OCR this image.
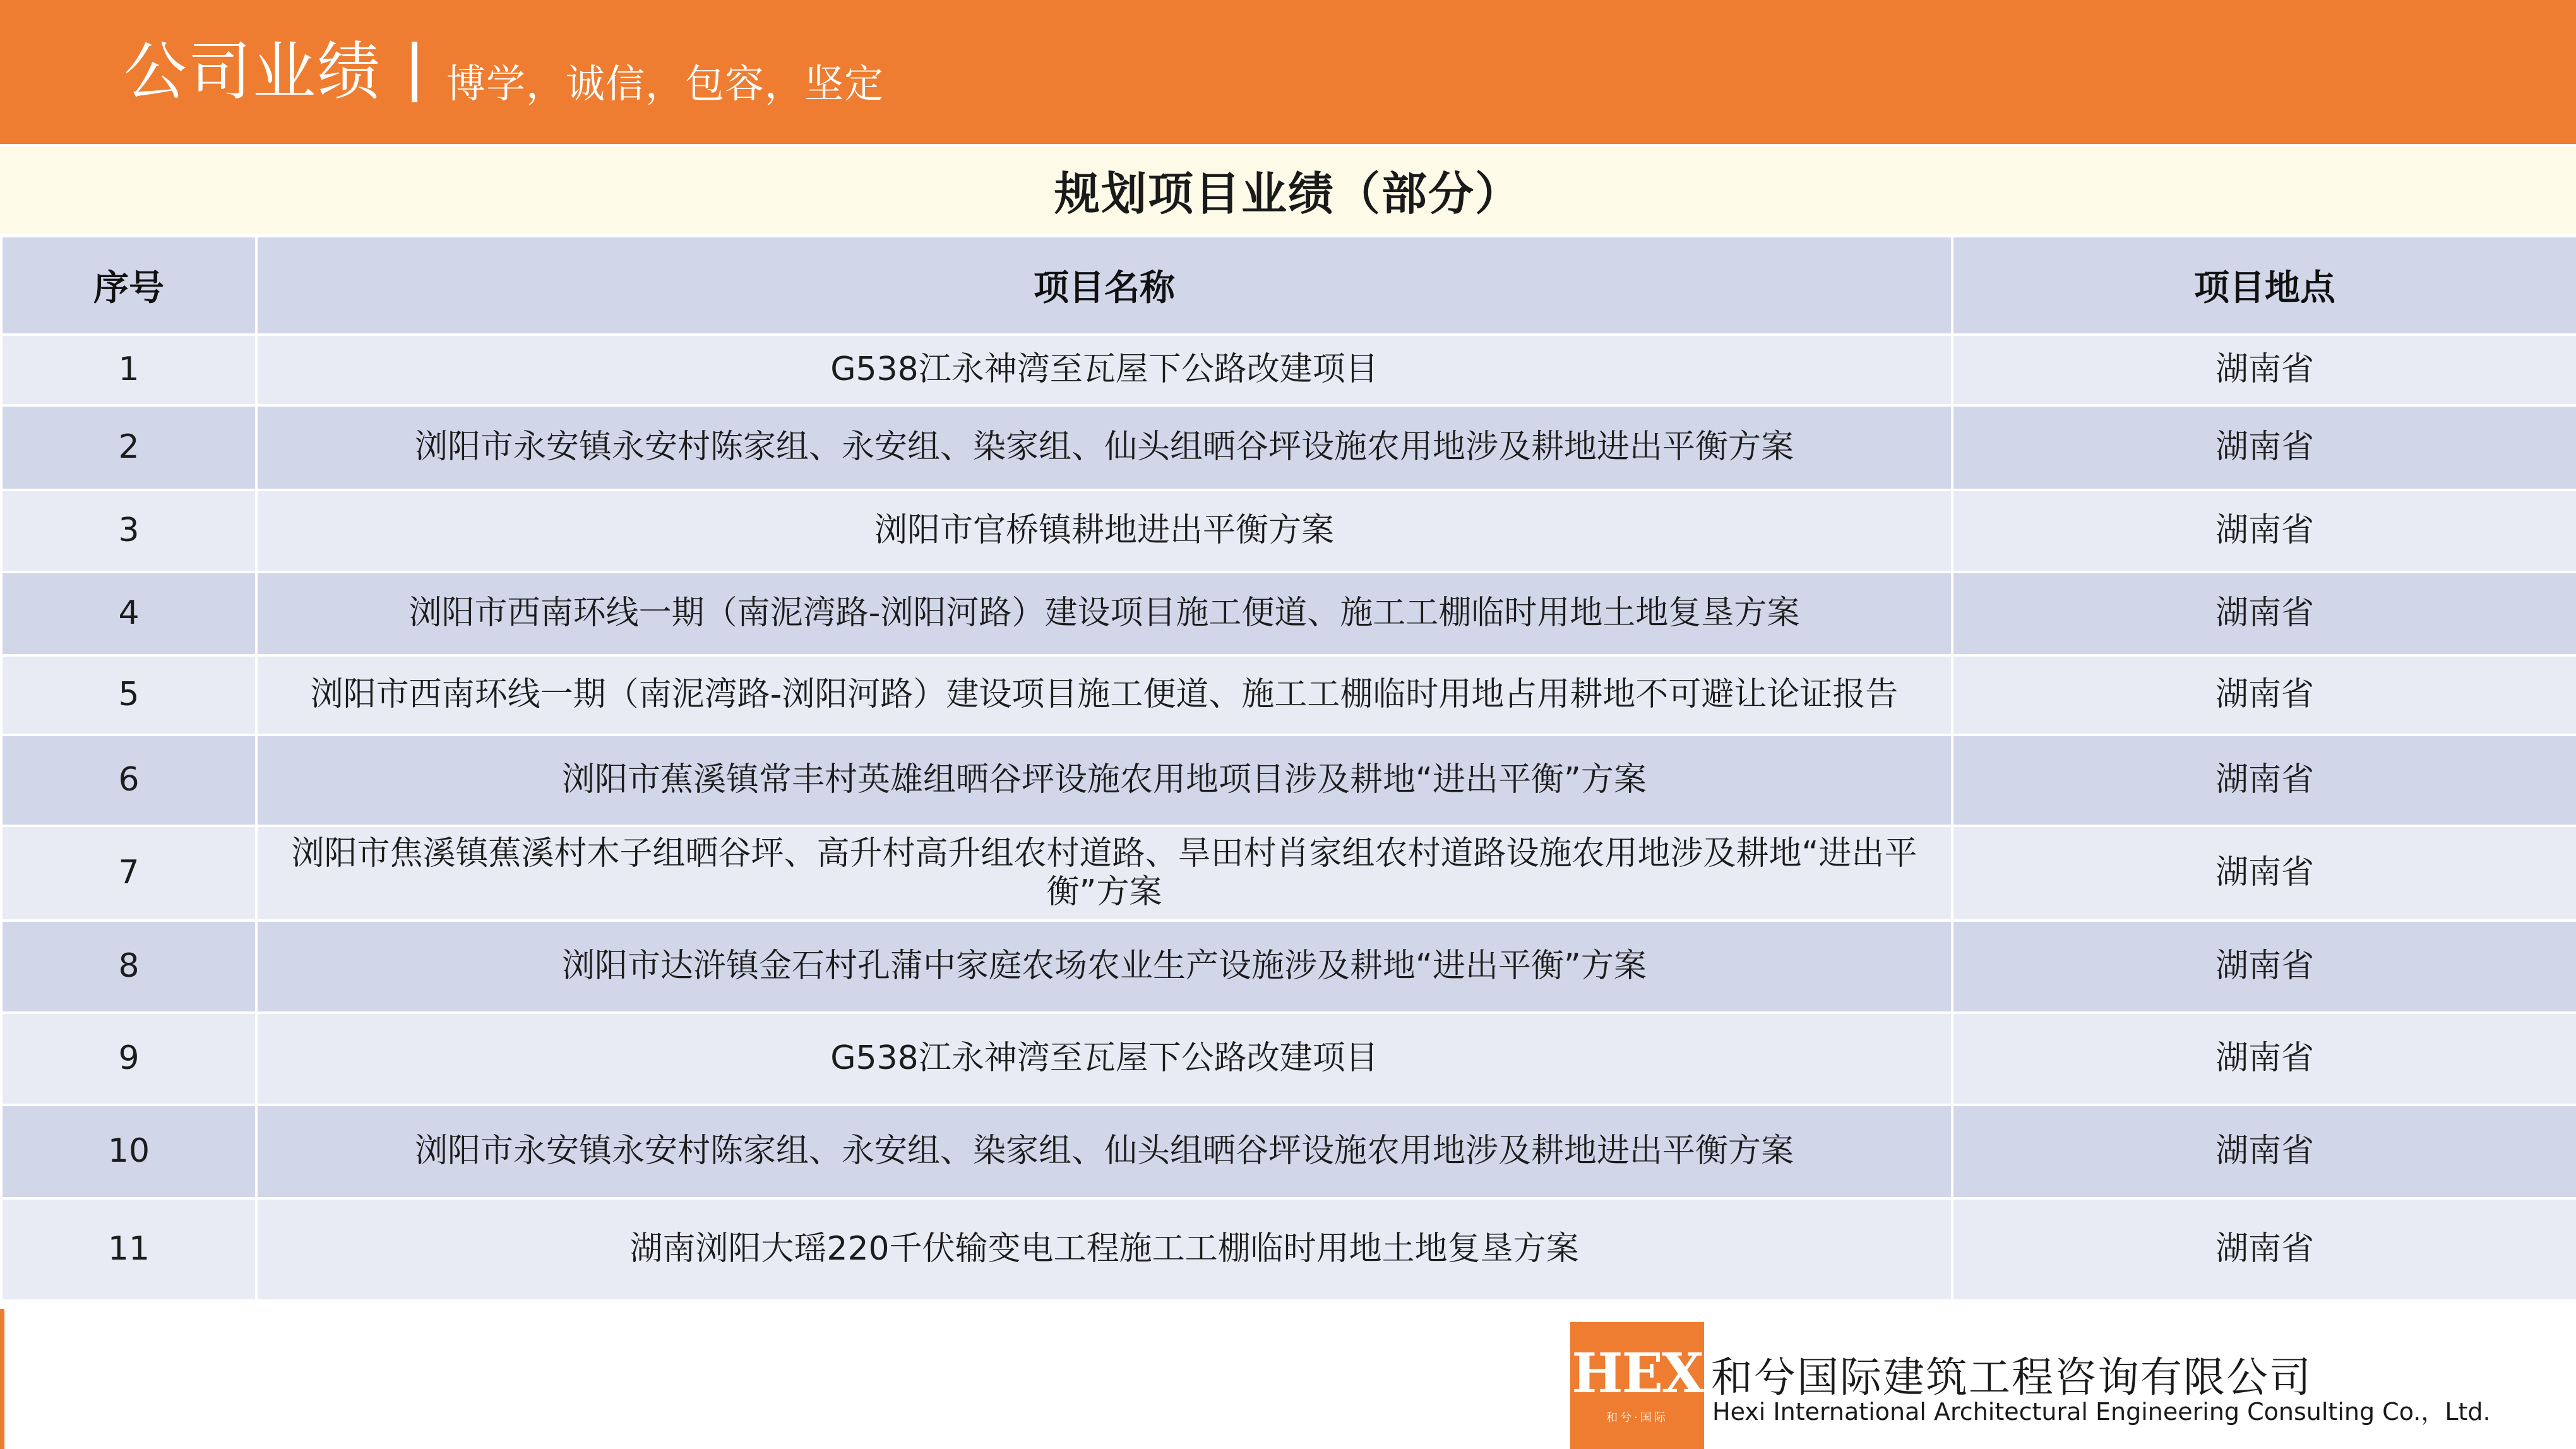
公司业绩 博学，诚信，包容，坚定
规划项目业绩（部分）
序号	项目名称	项目地点
1	G538江永神湾至瓦屋下公路改建项目	湖南省
2	浏阳市永安镇永安村陈家组、永安组、染家组、仙头组晒谷坪设施农用地涉及耕地进出平衡方案	湖南省
3	浏阳市官桥镇耕地进出平衡方案	湖南省
4	浏阳市西南环线一期（南泥湾路-浏阳河路）建设项目施工便道、施工工棚临时用地土地复垦方案	湖南省
5	浏阳市西南环线一期（南泥湾路-浏阳河路）建设项目施工便道、施工工棚临时用地占用耕地不可避让论证报告	湖南省
6	浏阳市蕉溪镇常丰村英雄组晒谷坪设施农用地项目涉及耕地“进出平衡”方案	湖南省
7	浏阳市焦溪镇蕉溪村木子组晒谷坪、高升村高升组农村道路、旱田村肖家组农村道路设施农用地涉及耕地“进出平衡”方案	湖南省
8	浏阳市达浒镇金石村孔蒲中家庭农场农业生产设施涉及耕地“进出平衡”方案	湖南省
9	G538江永神湾至瓦屋下公路改建项目	湖南省
10	浏阳市永安镇永安村陈家组、永安组、染家组、仙头组晒谷坪设施农用地涉及耕地进出平衡方案	湖南省
11	湖南浏阳大瑶220千伏输变电工程施工工棚临时用地土地复垦方案	湖南省
HEX
和兮·国际
和兮国际建筑工程咨询有限公司
Hexi International Architectural Engineering Consulting Co.，Ltd.
